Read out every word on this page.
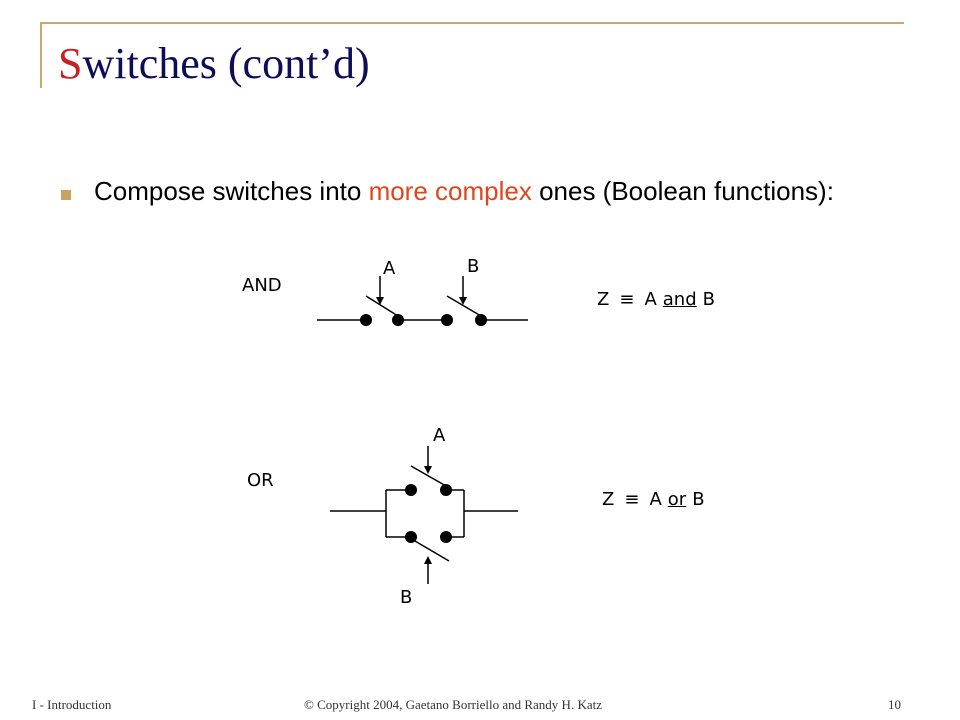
Switches (cont’d)
Compose switches into more complex ones (Boolean functions):
AND
A	B
Z ≡ A and B
OR
A
B
Z ≡ A or B
I - Introduction	© Copyright 2004, Gaetano Borriello and Randy H. Katz	10
